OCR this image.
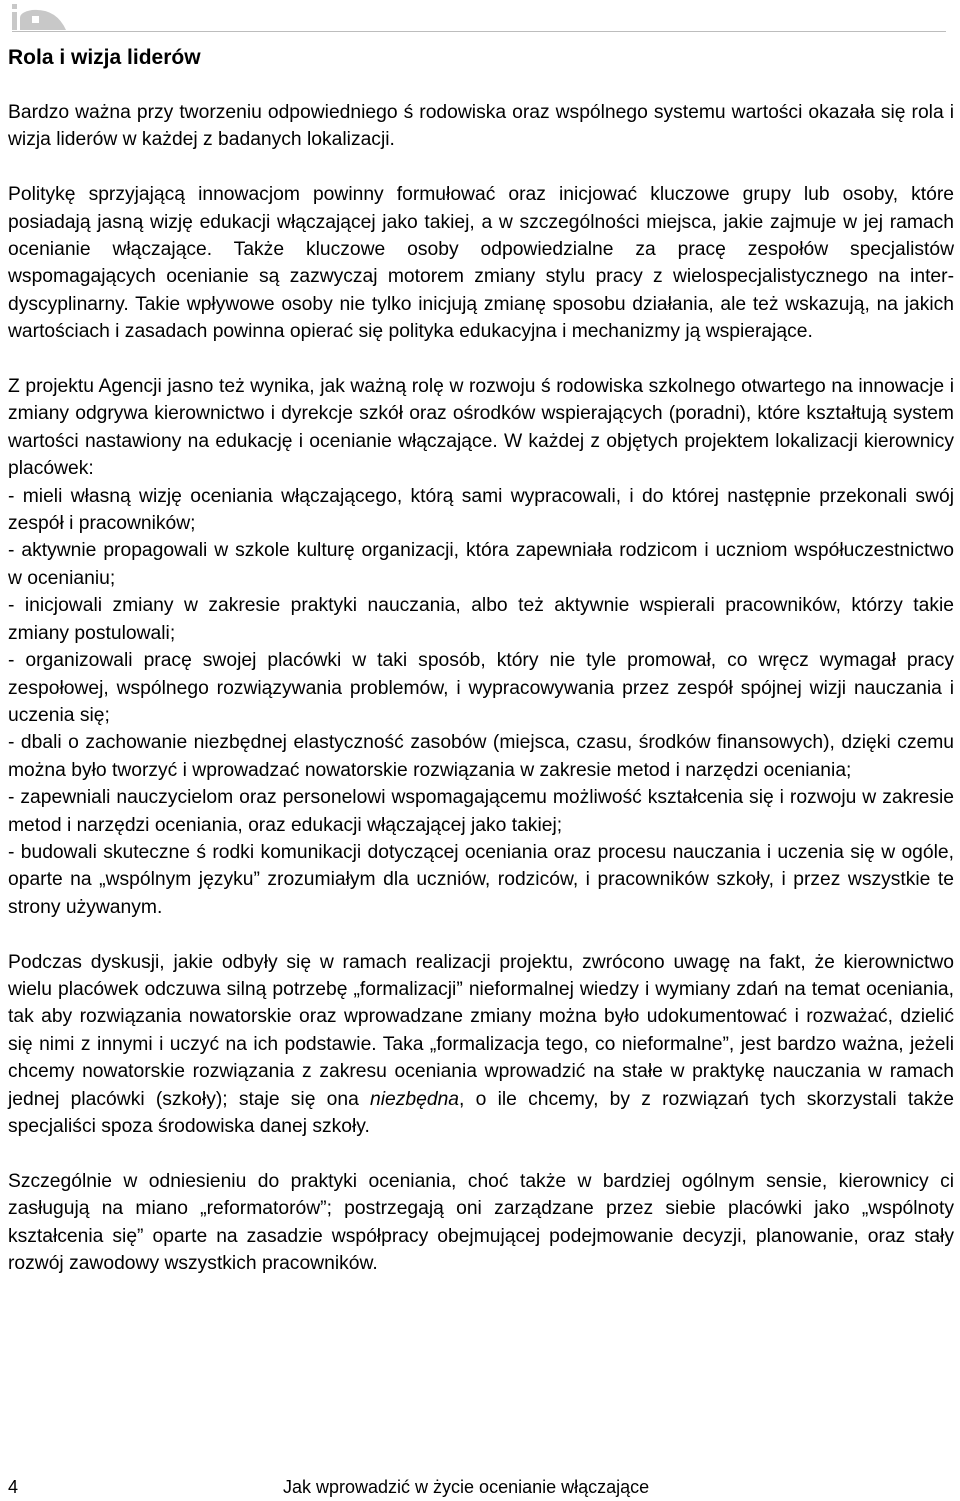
Rola i wizja liderów

Bardzo ważna przy tworzeniu odpowiedniego ś rodowiska oraz wspólnego systemu wartości okazała się rola i wizja liderów w każdej z badanych lokalizacji.

Politykę sprzyjającą innowacjom powinny formułować oraz inicjować kluczowe grupy lub osoby, które posiadają jasną wizję edukacji włączającej jako takiej, a w szczególności miejsca, jakie zajmuje w jej ramach ocenianie włączające. Także kluczowe osoby odpowiedzialne za pracę zespołów specjalistów wspomagających ocenianie są zazwyczaj motorem zmiany stylu pracy z wielospecjalistycznego na inter-dyscyplinarny. Takie wpływowe osoby nie tylko inicjują zmianę sposobu działania, ale też wskazują, na jakich wartościach i zasadach powinna opierać się polityka edukacyjna i mechanizmy ją wspierające.

Z projektu Agencji jasno też wynika, jak ważną rolę w rozwoju ś rodowiska szkolnego otwartego na innowacje i zmiany odgrywa kierownictwo i dyrekcje szkół oraz ośrodków wspierających (poradni), które kształtują system wartości nastawiony na edukację i ocenianie włączające. W każdej z objętych projektem lokalizacji kierownicy placówek:

- mieli własną wizję oceniania włączającego, którą sami wypracowali, i do której następnie przekonali swój zespół i pracowników;
- aktywnie propagowali w szkole kulturę organizacji, która zapewniała rodzicom i uczniom współuczestnictwo w ocenianiu;
- inicjowali zmiany w zakresie praktyki nauczania, albo też aktywnie wspierali pracowników, którzy takie zmiany postulowali;
- organizowali pracę swojej placówki w taki sposób, który nie tyle promował, co wręcz wymagał pracy zespołowej, wspólnego rozwiązywania problemów, i wypracowywania przez zespół spójnej wizji nauczania i uczenia się;
- dbali o zachowanie niezbędnej elastyczność zasobów (miejsca, czasu, środków finansowych), dzięki czemu można było tworzyć i wprowadzać nowatorskie rozwiązania w zakresie metod i narzędzi oceniania;
- zapewniali nauczycielom oraz personelowi wspomagającemu możliwość kształcenia się i rozwoju w zakresie metod i narzędzi oceniania, oraz edukacji włączającej jako takiej;
- budowali skuteczne ś rodki komunikacji dotyczącej oceniania oraz procesu nauczania i uczenia się w ogóle, oparte na „wspólnym języku” zrozumiałym dla uczniów, rodziców, i pracowników szkoły, i przez wszystkie te strony używanym.

Podczas dyskusji, jakie odbyły się w ramach realizacji projektu, zwrócono uwagę na fakt, że kierownictwo wielu placówek odczuwa silną potrzebę „formalizacji” nieformalnej wiedzy i wymiany zdań na temat oceniania, tak aby rozwiązania nowatorskie oraz wprowadzane zmiany można było udokumentować i rozważać, dzielić się nimi z innymi i uczyć na ich podstawie. Taka „formalizacja tego, co nieformalne”, jest bardzo ważna, jeżeli chcemy nowatorskie rozwiązania z zakresu oceniania wprowadzić na stałe w praktykę nauczania w ramach jednej placówki (szkoły); staje się ona niezbędna, o ile chcemy, by z rozwiązań tych skorzystali także specjaliści spoza środowiska danej szkoły.

Szczególnie w odniesieniu do praktyki oceniania, choć także w bardziej ogólnym sensie, kierownicy ci zasługują na miano „reformatorów”; postrzegają oni zarządzane przez siebie placówki jako „wspólnoty kształcenia się” oparte na zasadzie współpracy obejmującej podejmowanie decyzji, planowanie, oraz stały rozwój zawodowy wszystkich pracowników.

4	Jak wprowadzić w życie ocenianie włączające
